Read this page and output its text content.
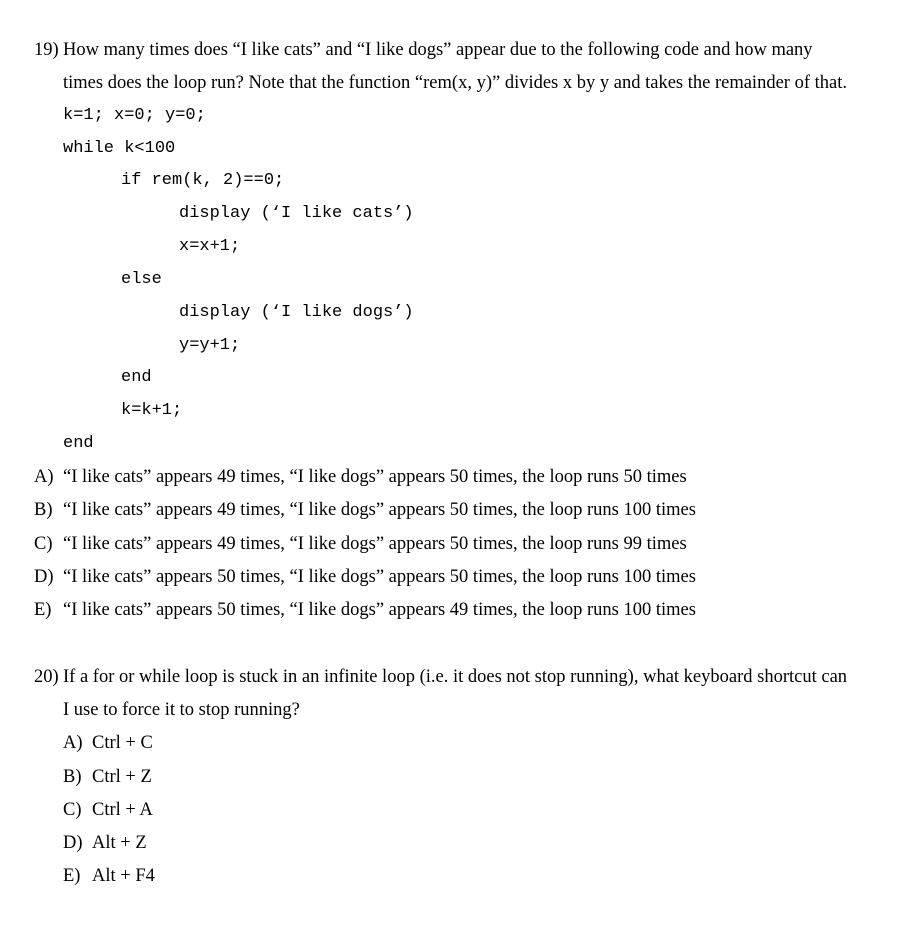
19) How many times does “I like cats” and “I like dogs” appear due to the following code and how many
times does the loop run? Note that the function “rem(x, y)” divides x by y and takes the remainder of that.
k=1; x=0; y=0;
while k<100
if rem(k, 2)==0;
display (‘I like cats’)
x=x+1;
else
display (‘I like dogs’)
y=y+1;
end
k=k+1;
end
A) “I like cats” appears 49 times, “I like dogs” appears 50 times, the loop runs 50 times
B) “I like cats” appears 49 times, “I like dogs” appears 50 times, the loop runs 100 times
C) “I like cats” appears 49 times, “I like dogs” appears 50 times, the loop runs 99 times
D) “I like cats” appears 50 times, “I like dogs” appears 50 times, the loop runs 100 times
E) “I like cats” appears 50 times, “I like dogs” appears 49 times, the loop runs 100 times
20) If a for or while loop is stuck in an infinite loop (i.e. it does not stop running), what keyboard shortcut can
I use to force it to stop running?
A) Ctrl + C
B) Ctrl + Z
C) Ctrl + A
D) Alt + Z
E) Alt + F4
